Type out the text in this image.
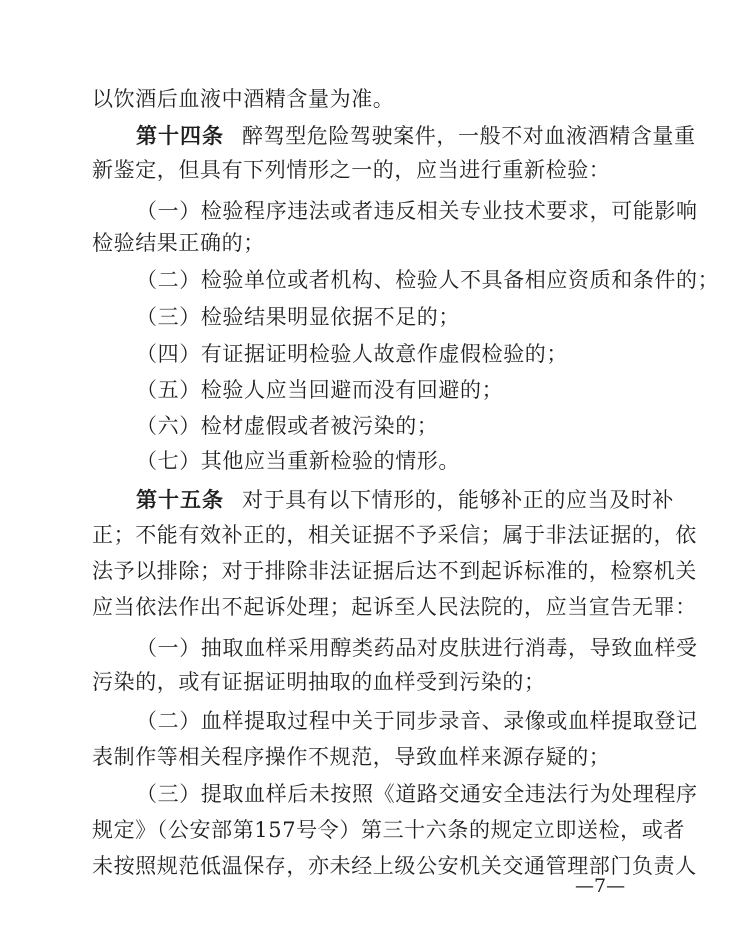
以饮酒后血液中酒精含量为准。
第十四条 醉驾型危险驾驶案件，一般不对血液酒精含量重
新鉴定，但具有下列情形之一的，应当进行重新检验：
（一）检验程序违法或者违反相关专业技术要求，可能影响
检验结果正确的；
（二）检验单位或者机构、检验人不具备相应资质和条件的；
（三）检验结果明显依据不足的；
（四）有证据证明检验人故意作虚假检验的；
（五）检验人应当回避而没有回避的；
（六）检材虚假或者被污染的；
（七）其他应当重新检验的情形。
第十五条 对于具有以下情形的，能够补正的应当及时补
正；不能有效补正的，相关证据不予采信；属于非法证据的，依
法予以排除；对于排除非法证据后达不到起诉标准的，检察机关
应当依法作出不起诉处理；起诉至人民法院的，应当宣告无罪：
（一）抽取血样采用醇类药品对皮肤进行消毒，导致血样受
污染的，或有证据证明抽取的血样受到污染的；
（二）血样提取过程中关于同步录音、录像或血样提取登记
表制作等相关程序操作不规范，导致血样来源存疑的；
（三）提取血样后未按照《道路交通安全违法行为处理程序
规定》（公安部第157号令）第三十六条的规定立即送检，或者
未按照规范低温保存，亦未经上级公安机关交通管理部门负责人
—7—
